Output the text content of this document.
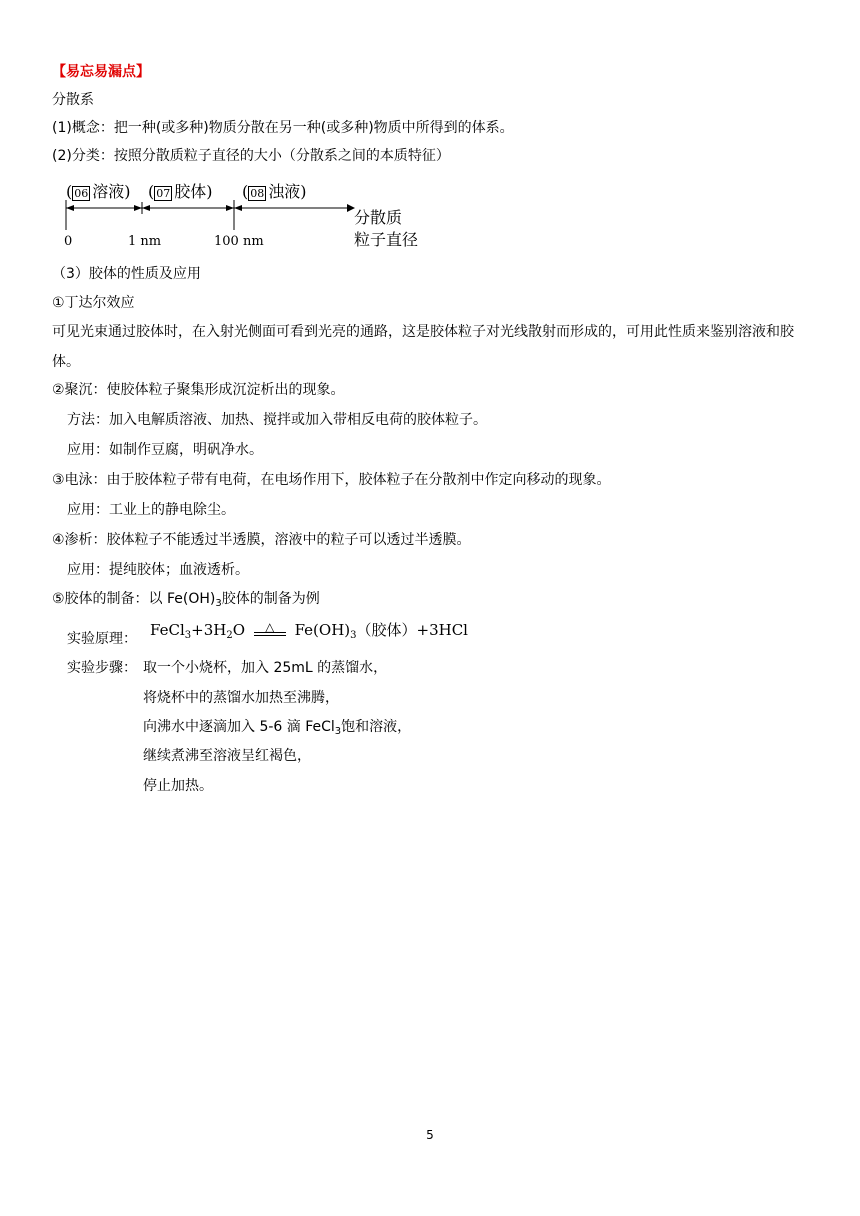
【易忘易漏点】
分散系
(1)概念：把一种(或多种)物质分散在另一种(或多种)物质中所得到的体系。
(2)分类：按照分散质粒子直径的大小（分散系之间的本质特征）
( 06 溶液) ( 07 胶体) ( 08 浊液)
0	1 nm	100 nm
分散质
粒子直径
（3）胶体的性质及应用
①丁达尔效应
可见光束通过胶体时，在入射光侧面可看到光亮的通路，这是胶体粒子对光线散射而形成的，可用此性质来鉴别溶液和胶体。
②聚沉：使胶体粒子聚集形成沉淀析出的现象。
方法：加入电解质溶液、加热、搅拌或加入带相反电荷的胶体粒子。
应用：如制作豆腐，明矾净水。
③电泳：由于胶体粒子带有电荷，在电场作用下，胶体粒子在分散剂中作定向移动的现象。
应用：工业上的静电除尘。
④渗析：胶体粒子不能透过半透膜，溶液中的粒子可以透过半透膜。
应用：提纯胶体；血液透析。
⑤胶体的制备：以 $Fe(OH)_3$胶体的制备为例
实验原理： $FeCl_3+3H_2O$	△	$Fe(OH)_3$（胶体）+3HCl
实验步骤： 取一个小烧杯，加入 25mL 的蒸馏水，
将烧杯中的蒸馏水加热至沸腾，
向沸水中逐滴加入 5-6 滴 FeCl$_3$饱和溶液，
继续煮沸至溶液呈红褐色，
停止加热。
5
